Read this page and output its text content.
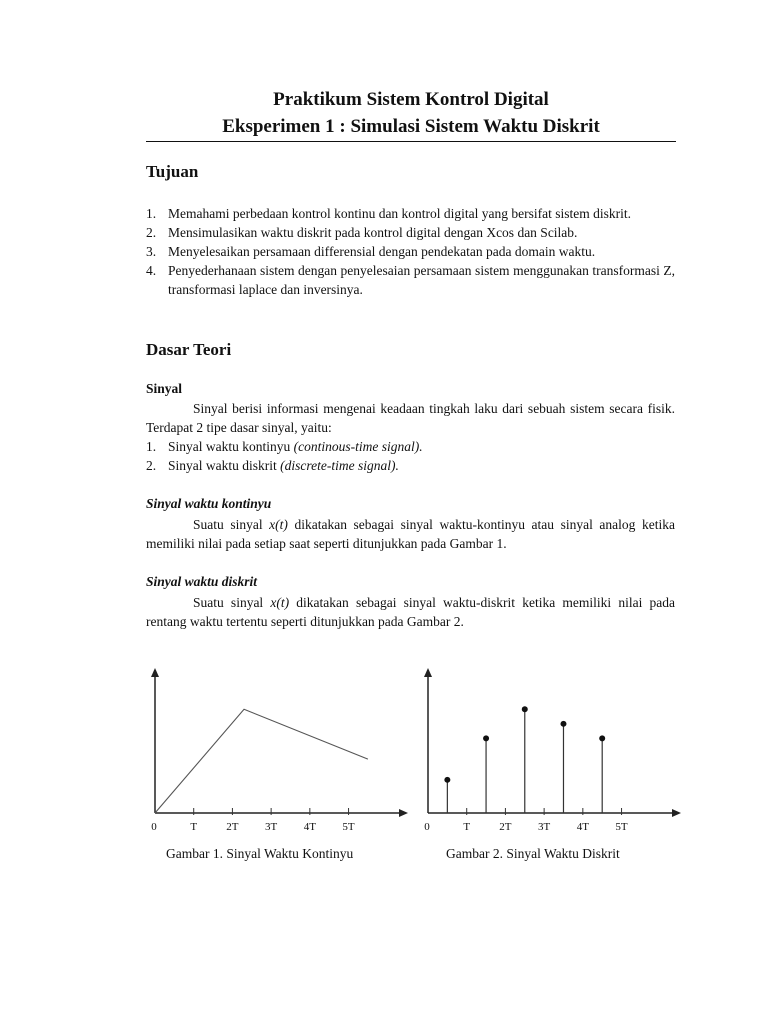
Praktikum Sistem Kontrol Digital
Eksperimen 1 : Simulasi Sistem Waktu Diskrit
Tujuan
1. Memahami perbedaan kontrol kontinu dan kontrol digital yang bersifat sistem diskrit.
2. Mensimulasikan waktu diskrit pada kontrol digital dengan Xcos dan Scilab.
3. Menyelesaikan persamaan differensial dengan pendekatan pada domain waktu.
4. Penyederhanaan sistem dengan penyelesaian persamaan sistem menggunakan transformasi Z, transformasi laplace dan inversinya.
Dasar Teori
Sinyal

Sinyal berisi informasi mengenai keadaan tingkah laku dari sebuah sistem secara fisik. Terdapat 2 tipe dasar sinyal, yaitu:

1. Sinyal waktu kontinyu (continous-time signal).
2. Sinyal waktu diskrit (discrete-time signal).
Sinyal waktu kontinyu

Suatu sinyal x(t) dikatakan sebagai sinyal waktu-kontinyu atau sinyal analog ketika memiliki nilai pada setiap saat seperti ditunjukkan pada Gambar 1.

Sinyal waktu diskrit

Suatu sinyal x(t) dikatakan sebagai sinyal waktu-diskrit ketika memiliki nilai pada rentang waktu tertentu seperti ditunjukkan pada Gambar 2.

0	T	2T 3T 4T 5T	0	T	2T 3T 4T 5T
Gambar 1. Sinyal Waktu Kontinyu	Gambar 2. Sinyal Waktu Diskrit
